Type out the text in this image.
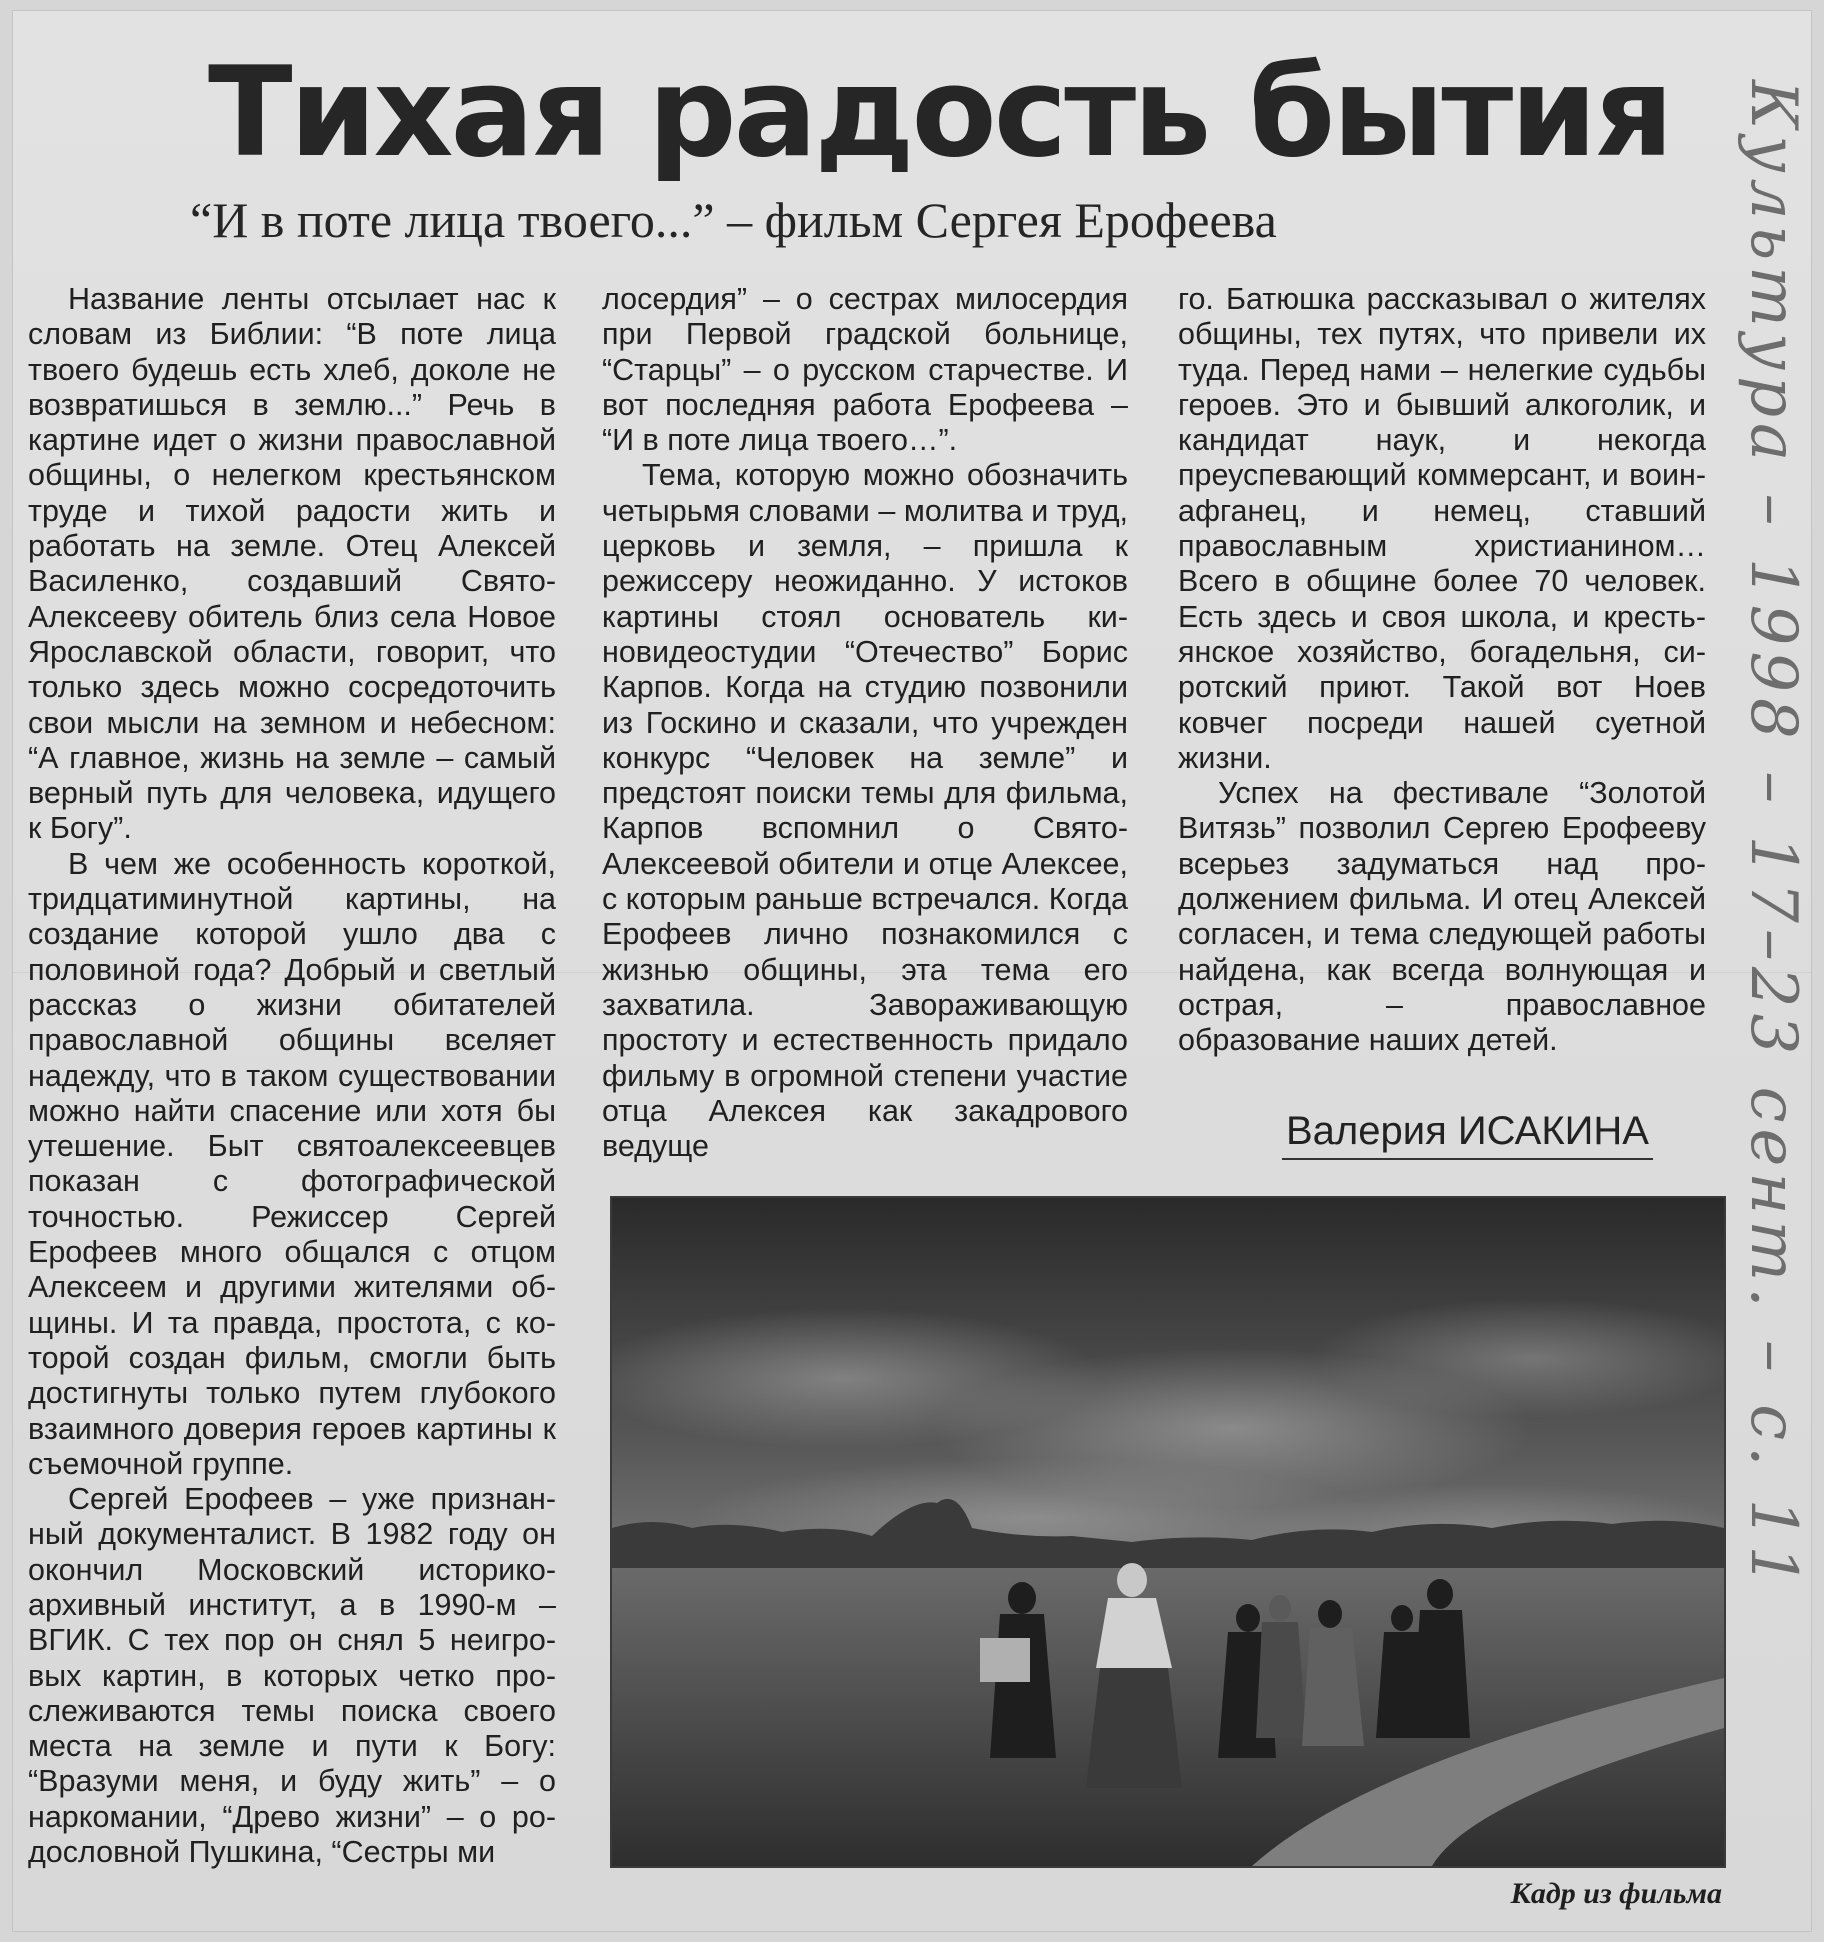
Тихая радость бытия
“И в поте лица твоего...” – фильм Сергея Ерофеева

Название ленты отсылает нас к словам из Библии: “В поте лица твоего будешь есть хлеб, доколе не возвратишься в землю...” Речь в картине идет о жизни православной общины, о нелегком крестьянском труде и тихой радости жить и работать на земле. Отец Алексей Василенко, создавший Свято-Алексееву обитель близ села Новое Ярославской области, говорит, что только здесь можно сосредоточить свои мысли на земном и небесном: “А главное, жизнь на земле – самый верный путь для человека, идущего к Богу”.

В чем же особенность короткой, тридцатиминутной картины, на создание которой ушло два с половиной года? Добрый и светлый рассказ о жизни обитателей православной общины вселяет надежду, что в таком существовании можно найти спасение или хотя бы утешение. Быт святоалексеевцев показан с фотографической точностью. Режиссер Сергей Ерофеев много общался с отцом Алексеем и другими жителями общины. И та правда, простота, с которой создан фильм, смогли быть достигнуты только путем глубокого взаимного доверия героев картины к съемочной группе.

Сергей Ерофеев – уже признанный документалист. В 1982 году он окончил Московский историко-архивный институт, а в 1990-м – ВГИК. С тех пор он снял 5 неигровых картин, в которых четко прослеживаются темы поиска своего места на земле и пути к Богу: “Вразуми меня, и буду жить” – о наркомании, “Древо жизни” – о родословной Пушкина, “Сестры ми

лосердия” – о сестрах милосердия при Первой градской больнице, “Старцы” – о русском старчестве. И вот последняя работа Ерофеева – “И в поте лица твоего…”.

Тема, которую можно обозначить четырьмя словами – молитва и труд, церковь и земля, – пришла к режиссеру неожиданно. У истоков картины стоял основатель киновидеостудии “Отечество” Борис Карпов. Когда на студию позвонили из Госкино и сказали, что учрежден конкурс “Человек на земле” и предстоят поиски темы для фильма, Карпов вспомнил о Свято-Алексеевой обители и отце Алексее, с которым раньше встречался. Когда Ерофеев лично познакомился с жизнью общины, эта тема его захватила. Завораживающую простоту и естественность придало фильму в огромной степени участие отца Алексея как закадрового ведуще

го. Батюшка рассказывал о жителях общины, тех путях, что привели их туда. Перед нами – нелегкие судьбы героев. Это и бывший алкоголик, и кандидат наук, и некогда преуспевающий коммерсант, и воин-афганец, и немец, ставший православным христианином… Всего в общине более 70 человек. Есть здесь и своя школа, и крестьянское хозяйство, богадельня, сиротский приют. Такой вот Ноев ковчег посреди нашей суетной жизни.

Успех на фестивале “Золотой Витязь” позволил Сергею Ерофееву всерьез задуматься над продолжением фильма. И отец Алексей согласен, и тема следующей работы найдена, как всегда волнующая и острая, – православное образование наших детей.

Валерия ИСАКИНА
Кадр из фильма
Культура – 1998 – 17–23 сент. – с. 11
